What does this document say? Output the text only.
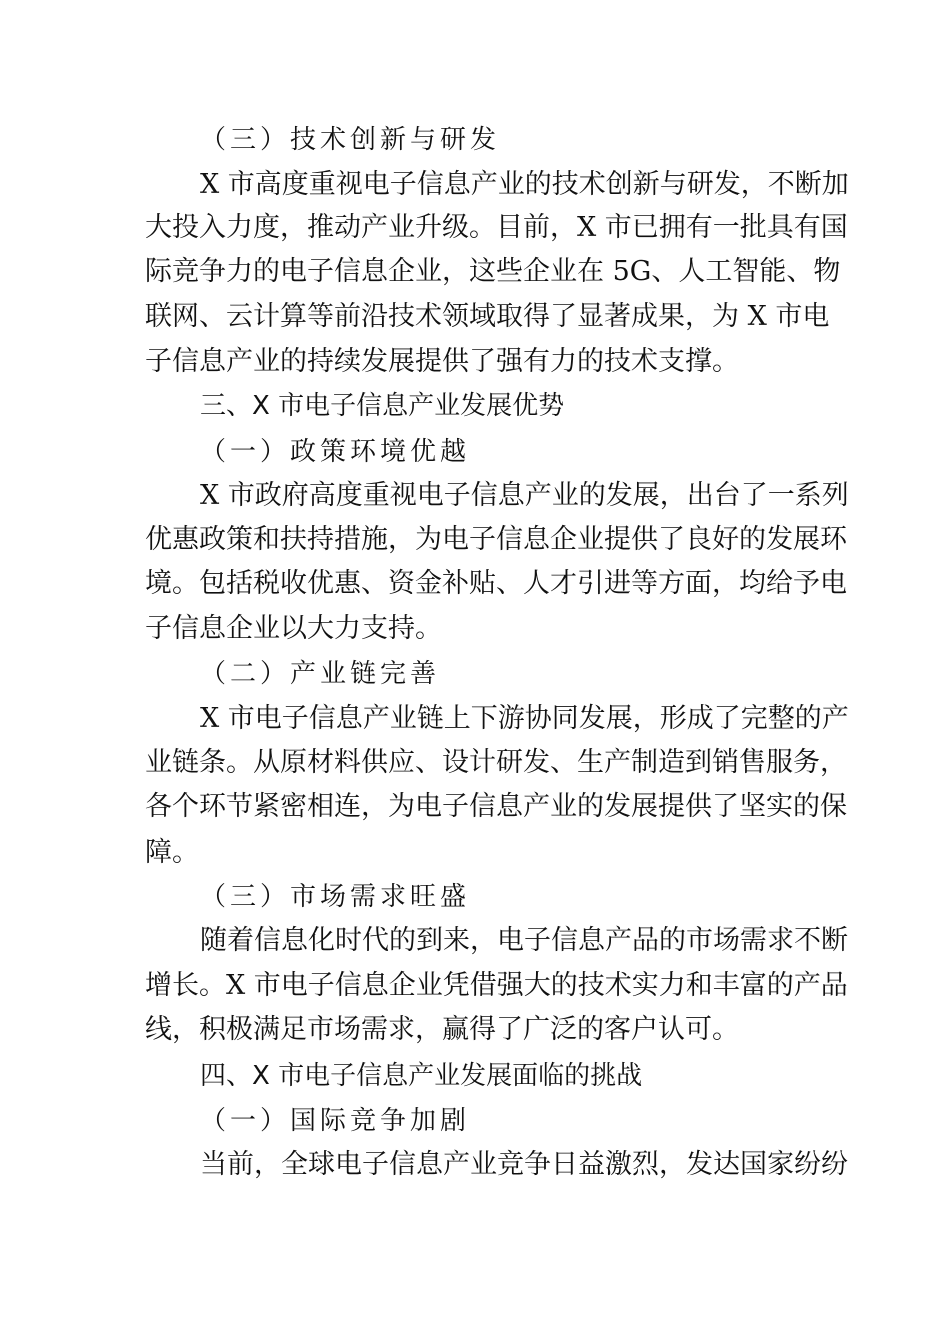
（三）技术创新与研发
X 市高度重视电子信息产业的技术创新与研发，不断加
大投入力度，推动产业升级。目前，X 市已拥有一批具有国
际竞争力的电子信息企业，这些企业在 5G、人工智能、物
联网、云计算等前沿技术领域取得了显著成果，为 X 市电
子信息产业的持续发展提供了强有力的技术支撑。
三、X 市电子信息产业发展优势
（一）政策环境优越
X 市政府高度重视电子信息产业的发展，出台了一系列
优惠政策和扶持措施，为电子信息企业提供了良好的发展环
境。包括税收优惠、资金补贴、人才引进等方面，均给予电
子信息企业以大力支持。
（二）产业链完善
X 市电子信息产业链上下游协同发展，形成了完整的产
业链条。从原材料供应、设计研发、生产制造到销售服务，
各个环节紧密相连，为电子信息产业的发展提供了坚实的保
障。
（三）市场需求旺盛
随着信息化时代的到来，电子信息产品的市场需求不断
增长。X 市电子信息企业凭借强大的技术实力和丰富的产品
线，积极满足市场需求，赢得了广泛的客户认可。
四、X 市电子信息产业发展面临的挑战
（一）国际竞争加剧
当前，全球电子信息产业竞争日益激烈，发达国家纷纷
